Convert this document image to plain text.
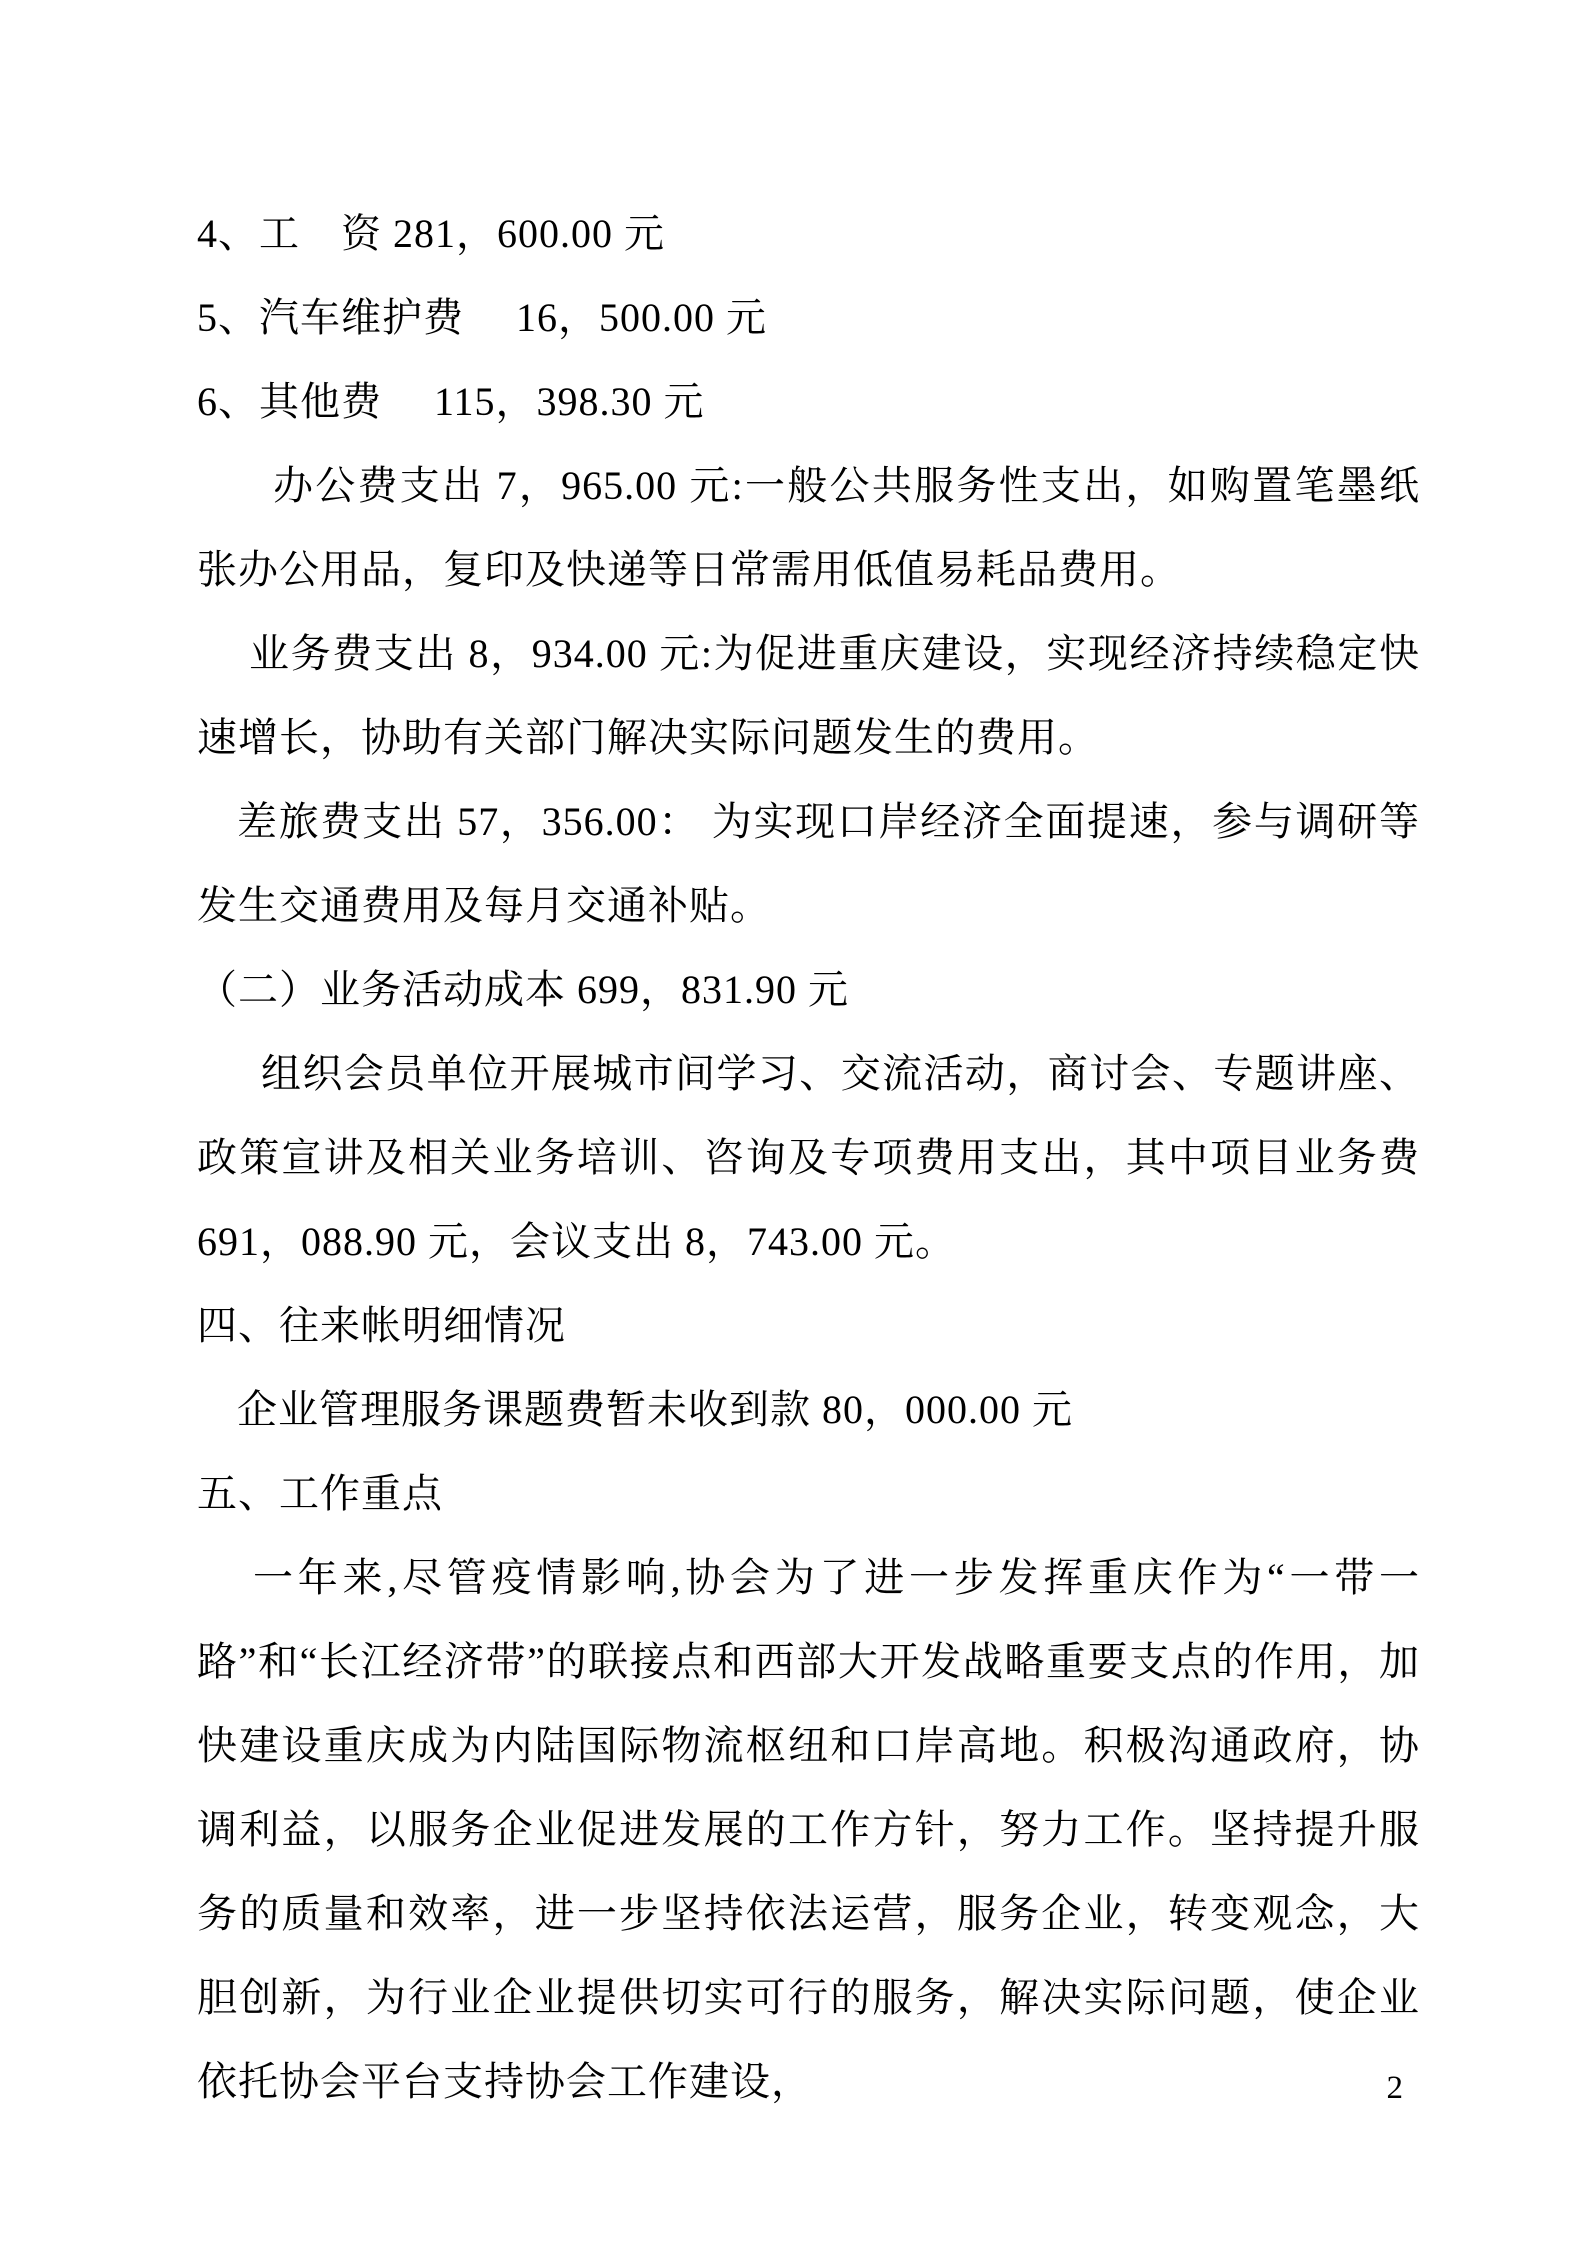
4、工　资 281，600.00 元

5、汽车维护费　 16，500.00 元

6、其他费　 115，398.30 元

办公费支出 7，965.00 元:一般公共服务性支出，如购置笔墨纸张办公用品，复印及快递等日常需用低值易耗品费用。

业务费支出 8，934.00 元:为促进重庆建设，实现经济持续稳定快速增长，协助有关部门解决实际问题发生的费用。

差旅费支出 57，356.00： 为实现口岸经济全面提速，参与调研等发生交通费用及每月交通补贴。

（二）业务活动成本 699，831.90 元

组织会员单位开展城市间学习、交流活动，商讨会、专题讲座、政策宣讲及相关业务培训、咨询及专项费用支出，其中项目业务费 691，088.90 元，会议支出 8，743.00 元。

四、往来帐明细情况

企业管理服务课题费暂未收到款 80，000.00 元

五、工作重点

一年来,尽管疫情影响,协会为了进一步发挥重庆作为“一带一路”和“长江经济带”的联接点和西部大开发战略重要支点的作用，加快建设重庆成为内陆国际物流枢纽和口岸高地。积极沟通政府，协调利益，以服务企业促进发展的工作方针，努力工作。坚持提升服务的质量和效率，进一步坚持依法运营，服务企业，转变观念，大胆创新，为行业企业提供切实可行的服务，解决实际问题，使企业依托协会平台支持协会工作建设，	2
